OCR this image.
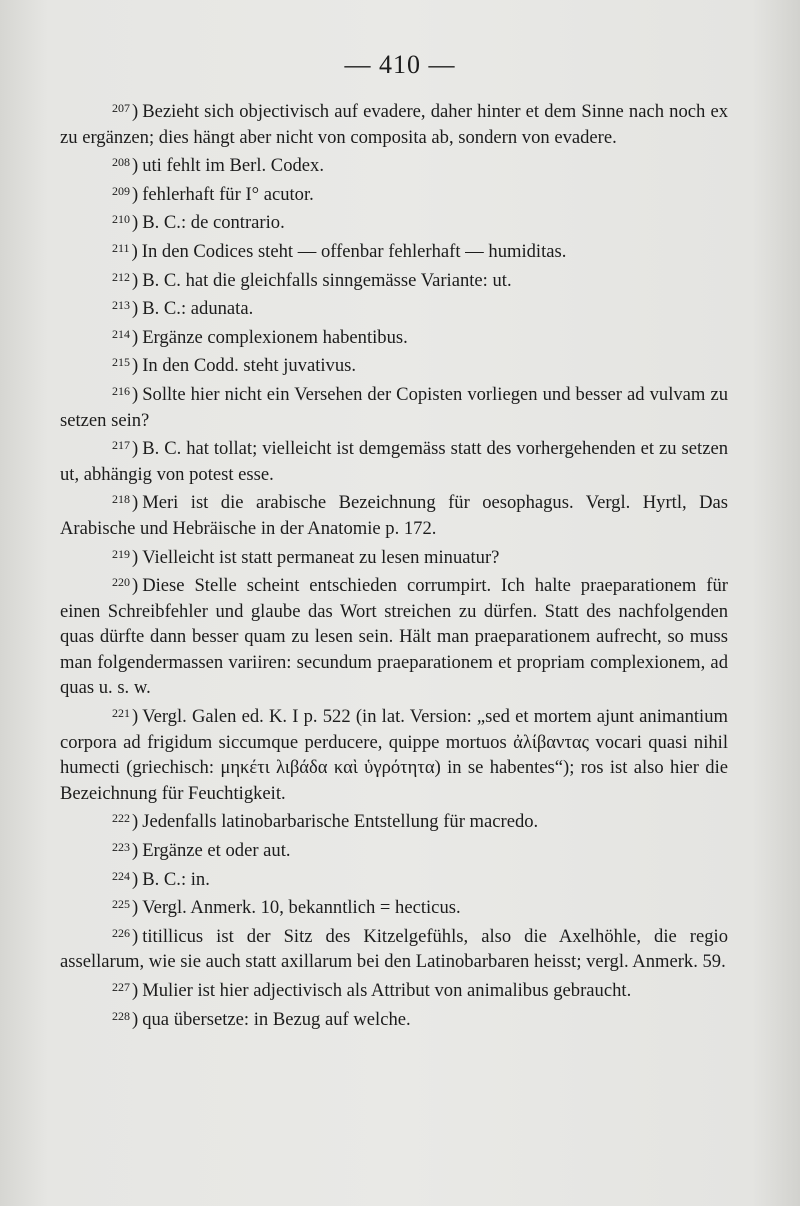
— 410 —

$^{207}$ ) Bezieht sich objectivisch auf evadere, daher hinter et dem Sinne nach noch ex zu ergänzen; dies hängt aber nicht von composita ab, sondern von evadere.

$^{208}$ ) uti fehlt im Berl. Codex.

$^{209}$ ) fehlerhaft für I° acutor.

$^{210}$ ) B. C.: de contrario.

$^{211}$ ) In den Codices steht — offenbar fehlerhaft — humiditas.

$^{212}$ ) B. C. hat die gleichfalls sinngemässe Variante: ut.

$^{213}$ ) B. C.: adunata.

$^{214}$ ) Ergänze complexionem habentibus.

$^{215}$ ) In den Codd. steht juvativus.

$^{216}$ ) Sollte hier nicht ein Versehen der Copisten vorliegen und besser ad vulvam zu setzen sein?

$^{217}$ ) B. C. hat tollat; vielleicht ist demgemäss statt des vorhergehenden et zu setzen ut, abhängig von potest esse.

$^{218}$ ) Meri ist die arabische Bezeichnung für oesophagus. Vergl. Hyrtl, Das Arabische und Hebräische in der Anatomie p. 172.

$^{219}$ ) Vielleicht ist statt permaneat zu lesen minuatur?

$^{220}$ ) Diese Stelle scheint entschieden corrumpirt. Ich halte praeparationem für einen Schreibfehler und glaube das Wort streichen zu dürfen. Statt des nachfolgenden quas dürfte dann besser quam zu lesen sein. Hält man praeparationem aufrecht, so muss man folgendermassen variiren: secundum praeparationem et propriam complexionem, ad quas u. s. w.

$^{221}$ ) Vergl. Galen ed. K. I p. 522 (in lat. Version: „sed et mortem ajunt animantium corpora ad frigidum siccumque perducere, quippe mortuos ἀλίβαντας vocari quasi nihil humecti (griechisch: μηκέτι λιβάδα καὶ ὑγρότητα) in se habentes“); ros ist also hier die Bezeichnung für Feuchtigkeit.

$^{222}$ ) Jedenfalls latinobarbarische Entstellung für macredo.

$^{223}$ ) Ergänze et oder aut.

$^{224}$ ) B. C.: in.

$^{225}$ ) Vergl. Anmerk. 10, bekanntlich = hecticus.

$^{226}$ ) titillicus ist der Sitz des Kitzelgefühls, also die Axelhöhle, die regio assellarum, wie sie auch statt axillarum bei den Latinobarbaren heisst; vergl. Anmerk. 59.

$^{227}$ ) Mulier ist hier adjectivisch als Attribut von animalibus gebraucht.

$^{228}$ ) qua übersetze: in Bezug auf welche.
